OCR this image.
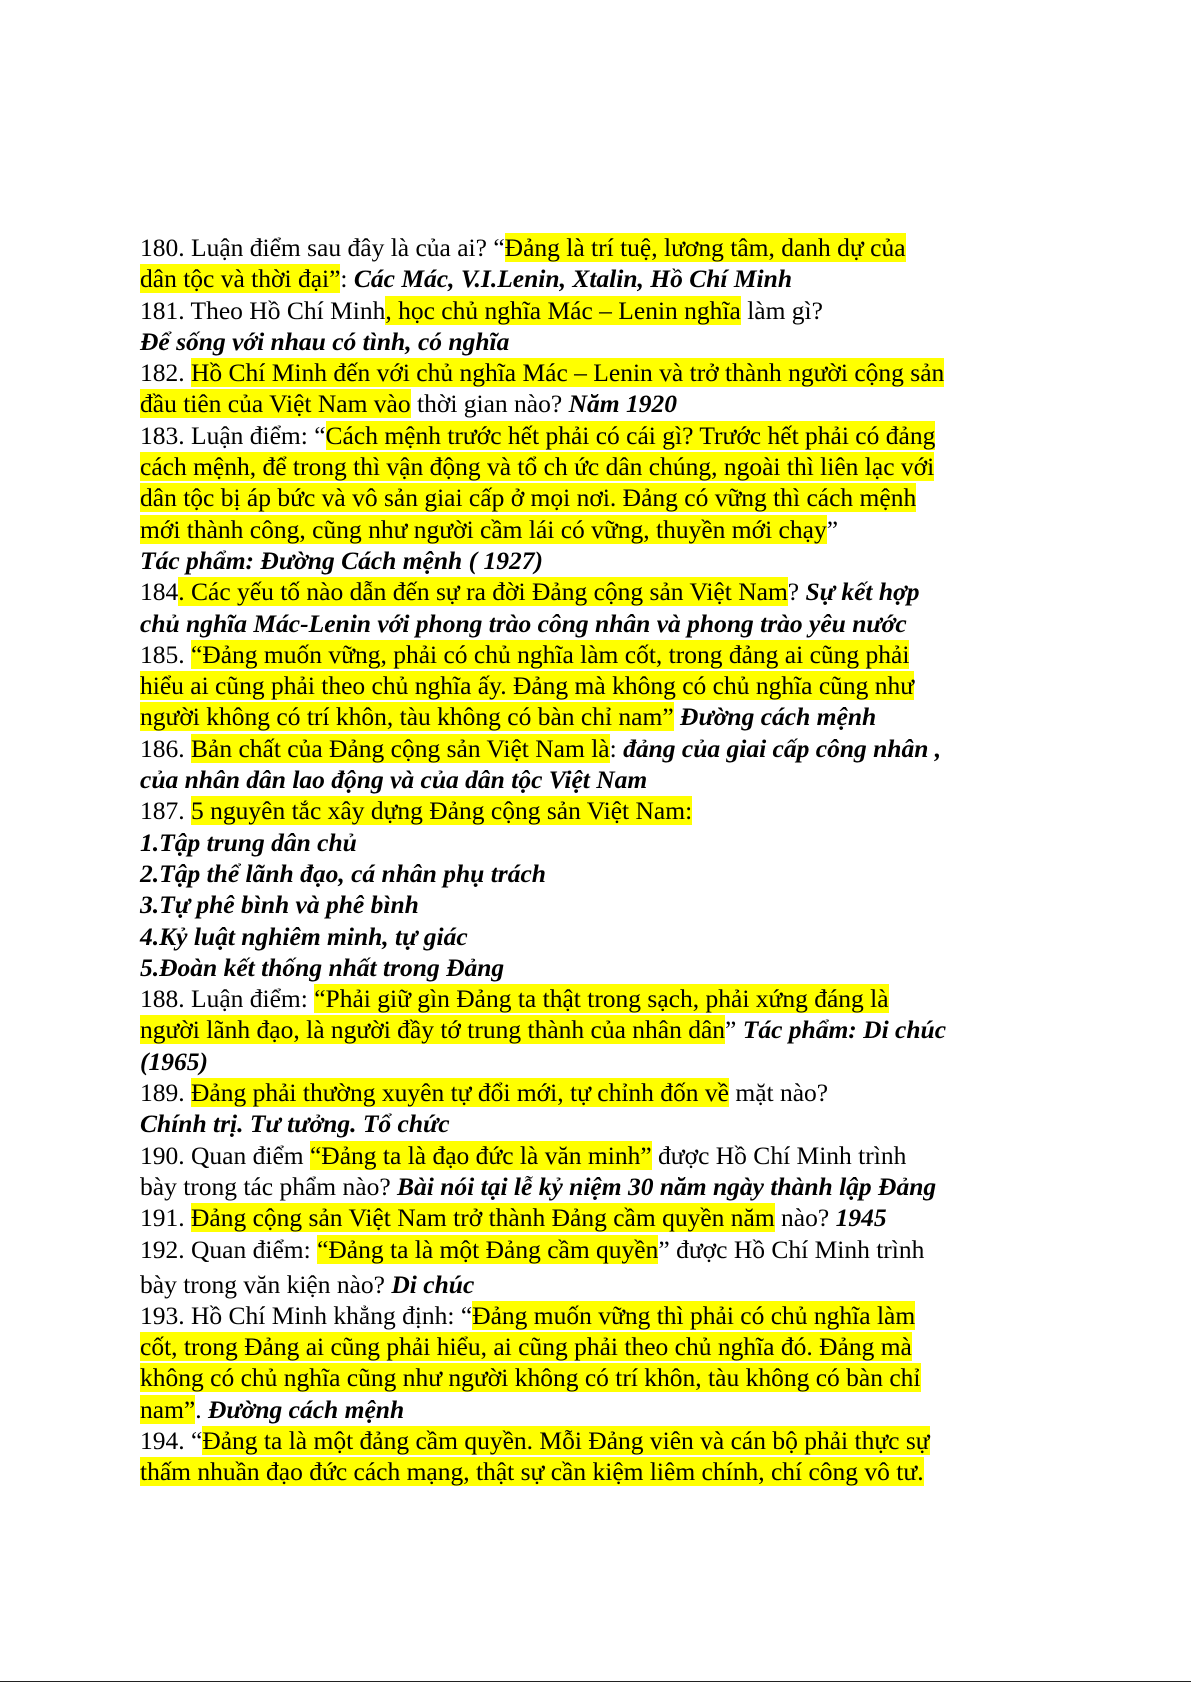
180. Luận điểm sau đây là của ai? “Đảng là trí tuệ, lương tâm, danh dự của
dân tộc và thời đại”: Các Mác, V.I.Lenin, Xtalin, Hồ Chí Minh
181. Theo Hồ Chí Minh, học chủ nghĩa Mác – Lenin nghĩa làm gì?
Để sống với nhau có tình, có nghĩa
182. Hồ Chí Minh đến với chủ nghĩa Mác – Lenin và trở thành người cộng sản
đầu tiên của Việt Nam vào thời gian nào? Năm 1920
183. Luận điểm: “Cách mệnh trước hết phải có cái gì? Trước hết phải có đảng
cách mệnh, để trong thì vận động và tổ ch ức dân chúng, ngoài thì liên lạc với
dân tộc bị áp bức và vô sản giai cấp ở mọi nơi. Đảng có vững thì cách mệnh
mới thành công, cũng như người cầm lái có vững, thuyền mới chạy”
Tác phẩm: Đường Cách mệnh ( 1927)
184. Các yếu tố nào dẫn đến sự ra đời Đảng cộng sản Việt Nam? Sự kết hợp
chủ nghĩa Mác-Lenin với phong trào công nhân và phong trào yêu nước
185. “Đảng muốn vững, phải có chủ nghĩa làm cốt, trong đảng ai cũng phải
hiểu ai cũng phải theo chủ nghĩa ấy. Đảng mà không có chủ nghĩa cũng như
người không có trí khôn, tàu không có bàn chỉ nam” Đường cách mệnh
186. Bản chất của Đảng cộng sản Việt Nam là: đảng của giai cấp công nhân ,
của nhân dân lao động và của dân tộc Việt Nam
187. 5 nguyên tắc xây dựng Đảng cộng sản Việt Nam:
1.Tập trung dân chủ
2.Tập thể lãnh đạo, cá nhân phụ trách
3.Tự phê bình và phê bình
4.Kỷ luật nghiêm minh, tự giác
5.Đoàn kết thống nhất trong Đảng
188. Luận điểm: “Phải giữ gìn Đảng ta thật trong sạch, phải xứng đáng là
người lãnh đạo, là người đầy tớ trung thành của nhân dân” Tác phẩm: Di chúc
(1965)
189. Đảng phải thường xuyên tự đổi mới, tự chỉnh đốn về mặt nào?
Chính trị. Tư tưởng. Tổ chức
190. Quan điểm “Đảng ta là đạo đức là văn minh” được Hồ Chí Minh trình
bày trong tác phẩm nào? Bài nói tại lễ kỷ niệm 30 năm ngày thành lập Đảng
191. Đảng cộng sản Việt Nam trở thành Đảng cầm quyền năm nào? 1945
192. Quan điểm: “Đảng ta là một Đảng cầm quyền” được Hồ Chí Minh trình
bày trong văn kiện nào? Di chúc
193. Hồ Chí Minh khẳng định: “Đảng muốn vững thì phải có chủ nghĩa làm
cốt, trong Đảng ai cũng phải hiểu, ai cũng phải theo chủ nghĩa đó. Đảng mà
không có chủ nghĩa cũng như người không có trí khôn, tàu không có bàn chỉ
nam”. Đường cách mệnh
194. “Đảng ta là một đảng cầm quyền. Mỗi Đảng viên và cán bộ phải thực sự
thấm nhuần đạo đức cách mạng, thật sự cần kiệm liêm chính, chí công vô tư.
